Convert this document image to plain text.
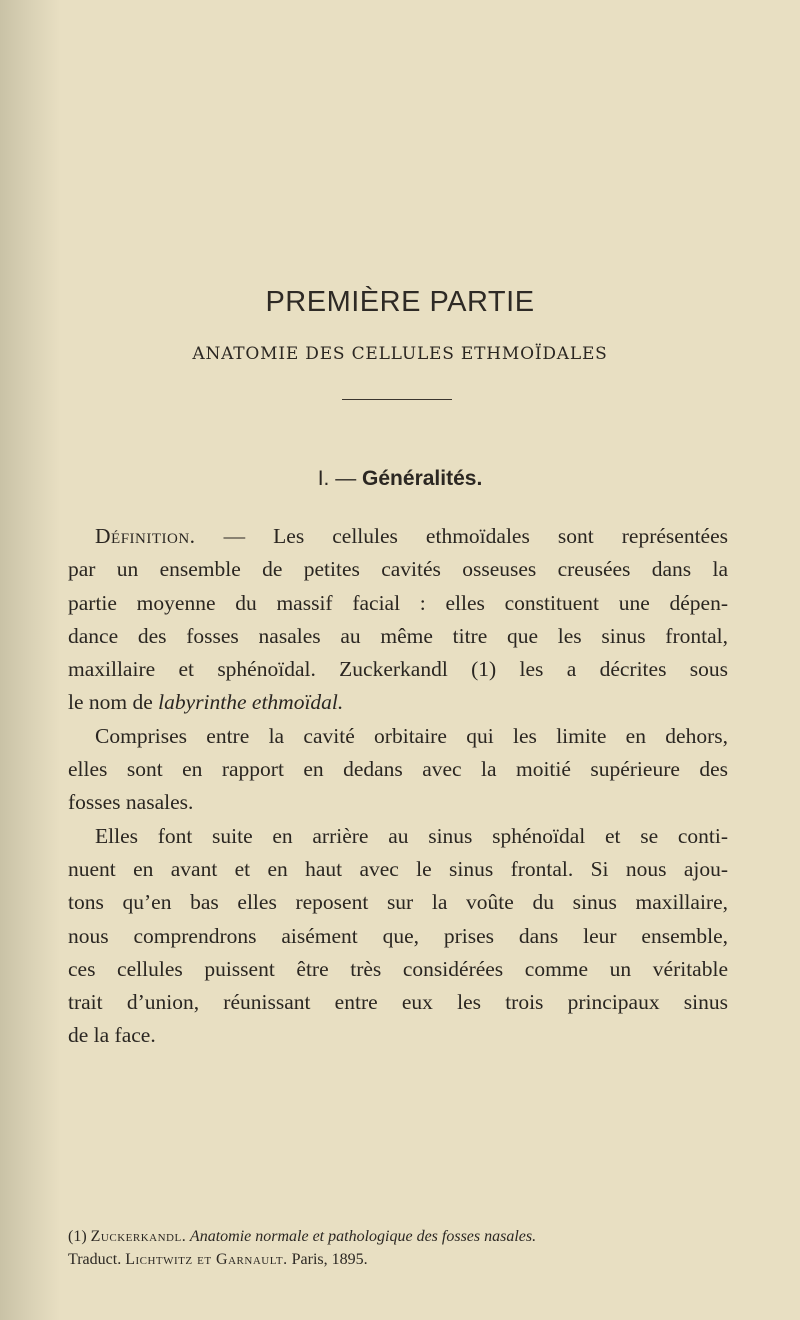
PREMIÈRE PARTIE
ANATOMIE DES CELLULES ETHMOÏDALES
I. — Généralités.
Définition. — Les cellules ethmoïdales sont représentées
par un ensemble de petites cavités osseuses creusées dans la
partie moyenne du massif facial : elles constituent une dépen-
dance des fosses nasales au même titre que les sinus frontal,
maxillaire et sphénoïdal. Zuckerkandl (1) les a décrites sous
le nom de labyrinthe ethmoïdal.
Comprises entre la cavité orbitaire qui les limite en dehors,
elles sont en rapport en dedans avec la moitié supérieure des
fosses nasales.
Elles font suite en arrière au sinus sphénoïdal et se conti-
nuent en avant et en haut avec le sinus frontal. Si nous ajou-
tons qu’en bas elles reposent sur la voûte du sinus maxillaire,
nous comprendrons aisément que, prises dans leur ensemble,
ces cellules puissent être très considérées comme un véritable
trait d’union, réunissant entre eux les trois principaux sinus
de la face.
(1) Zuckerkandl. Anatomie normale et pathologique des fosses nasales.
Traduct. Lichtwitz et Garnault. Paris, 1895.
